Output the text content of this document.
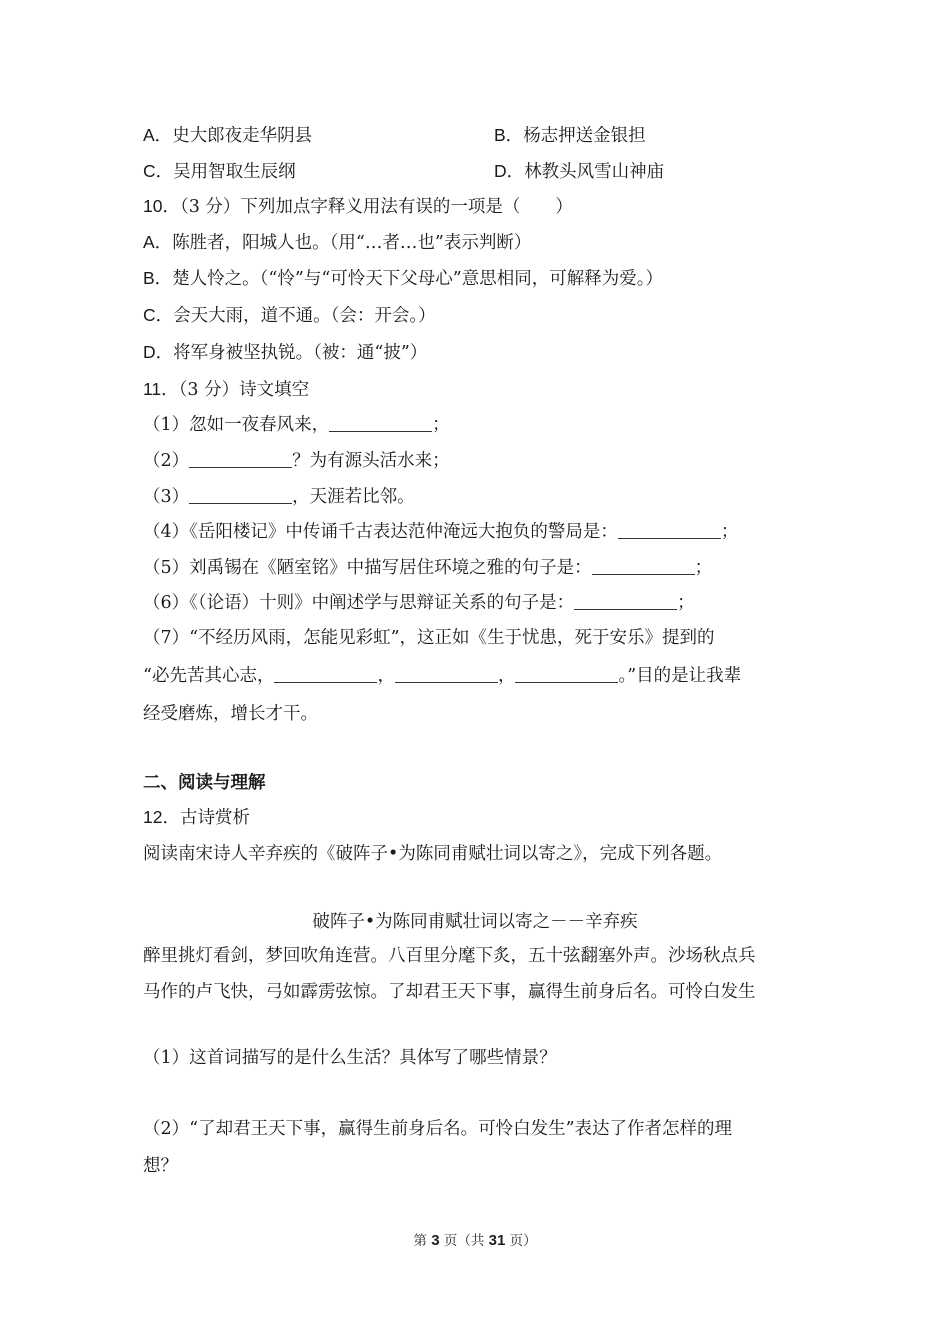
A．史大郎夜走华阴县	B．杨志押送金银担
C．吴用智取生辰纲	D．林教头风雪山神庙
10．（3 分）下列加点字释义用法有误的一项是（　　）
A．陈胜者，阳城人也。（用“…者…也”表示判断）
B．楚人怜之。（“怜”与“可怜天下父母心”意思相同，可解释为爱。）
C．会天大雨，道不通。（会：开会。）
D．将军身被坚执锐。（被：通“披”）
11．（3 分）诗文填空
（1）忽如一夜春风来，	；
（2）	？为有源头活水来；
（3）	，天涯若比邻。
（4）《岳阳楼记》中传诵千古表达范仲淹远大抱负的警局是：	；
（5）刘禹锡在《陋室铭》中描写居住环境之雅的句子是：	；
（6）《（论语）十则》中阐述学与思辩证关系的句子是：	；
（7）“不经历风雨，怎能见彩虹”，这正如《生于忧患，死于安乐》提到的
“必先苦其心志，	，	，	。”目的是让我辈
经受磨炼，增长才干。
二、阅读与理解
12．古诗赏析
阅读南宋诗人辛弃疾的《破阵子•为陈同甫赋壮词以寄之》，完成下列各题。
破阵子•为陈同甫赋壮词以寄之－－辛弃疾
醉里挑灯看剑，梦回吹角连营。八百里分麾下炙，五十弦翻塞外声。沙场秋点兵
马作的卢飞快，弓如霹雳弦惊。了却君王天下事，赢得生前身后名。可怜白发生
（1）这首词描写的是什么生活？具体写了哪些情景？
（2）“了却君王天下事，赢得生前身后名。可怜白发生”表达了作者怎样的理
想？
第 3 页（共 31 页）
